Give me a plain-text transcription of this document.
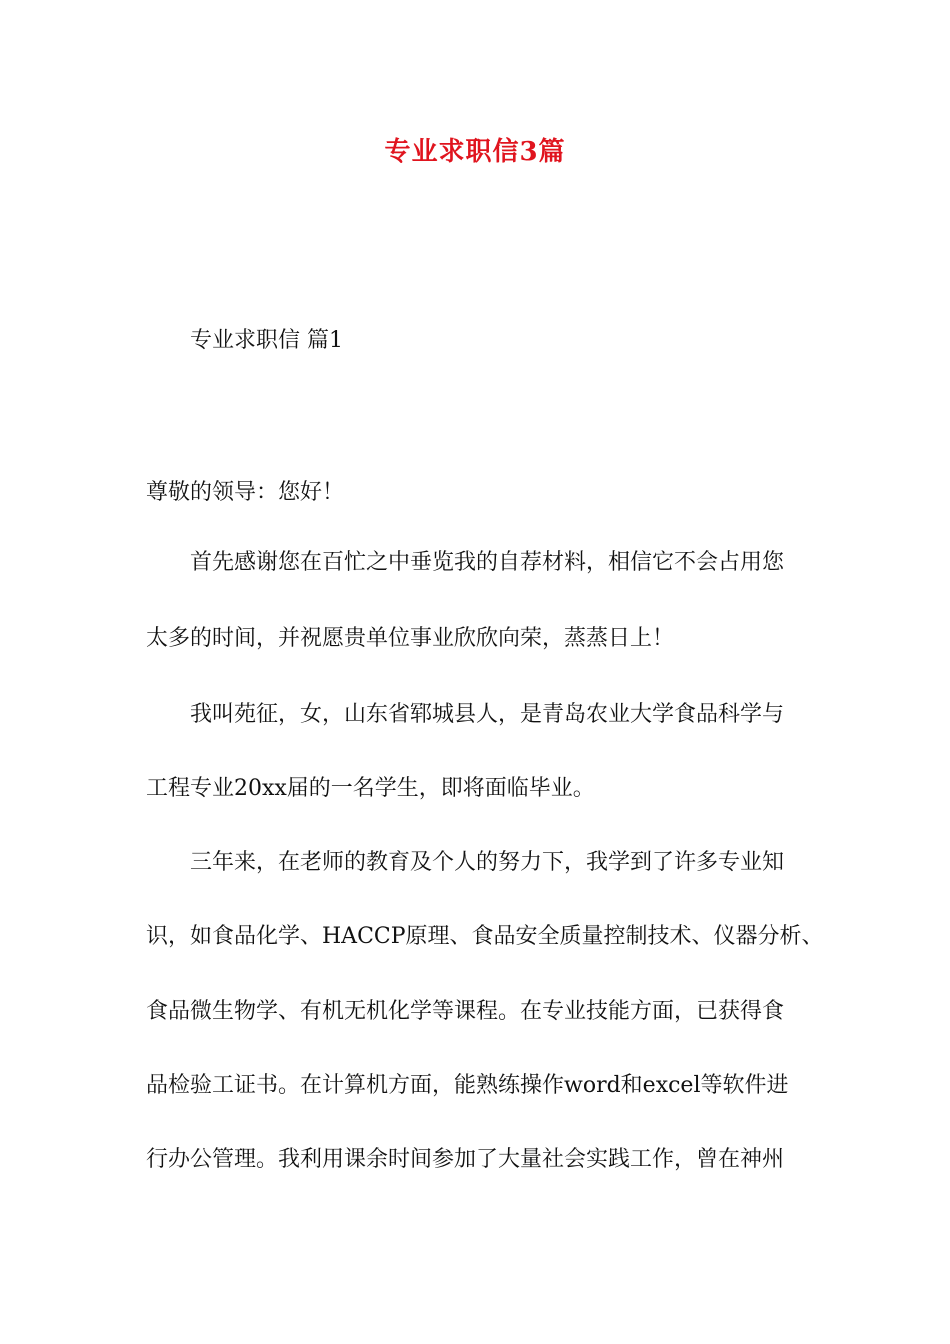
专业求职信3篇
专业求职信 篇1
尊敬的领导：您好！
首先感谢您在百忙之中垂览我的自荐材料，相信它不会占用您
太多的时间，并祝愿贵单位事业欣欣向荣，蒸蒸日上！
我叫苑征，女，山东省郓城县人，是青岛农业大学食品科学与
工程专业20xx届的一名学生，即将面临毕业。
三年来，在老师的教育及个人的努力下，我学到了许多专业知
识，如食品化学、HACCP原理、食品安全质量控制技术、仪器分析、
食品微生物学、有机无机化学等课程。在专业技能方面，已获得食
品检验工证书。在计算机方面，能熟练操作word和excel等软件进
行办公管理。我利用课余时间参加了大量社会实践工作，曾在神州
